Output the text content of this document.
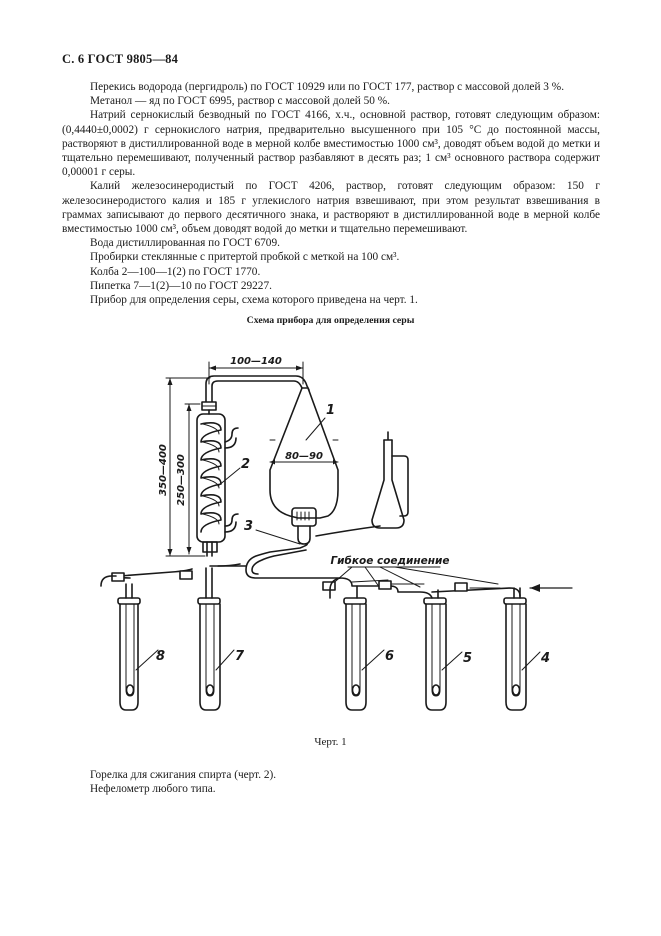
С. 6 ГОСТ 9805—84

Перекись водорода (пергидроль) по ГОСТ 10929 или по ГОСТ 177, раствор с массовой долей 3 %.

Метанол — яд по ГОСТ 6995, раствор с массовой долей 50 %.

Натрий сернокислый безводный по ГОСТ 4166, х.ч., основной раствор, готовят следующим образом: (0,4440±0,0002) г сернокислого натрия, предварительно высушенного при 105 °С до постоянной массы, растворяют в дистиллированной воде в мерной колбе вместимостью 1000 см³, доводят объем водой до метки и тщательно перемешивают, полученный раствор разбавляют в десять раз; 1 см³ основного раствора содержит 0,00001 г серы.

Калий железосинеродистый по ГОСТ 4206, раствор, готовят следующим образом: 150 г железосинеродистого калия и 185 г углекислого натрия взвешивают, при этом результат взвешивания в граммах записывают до первого десятичного знака, и растворяют в дистиллированной воде в мерной колбе вместимостью 1000 см³, объем доводят водой до метки и тщательно перемешивают.

Вода дистиллированная по ГОСТ 6709.

Пробирки стеклянные с притертой пробкой с меткой на 100 см³.

Колба 2—100—1(2) по ГОСТ 1770.

Пипетка 7—1(2)—10 по ГОСТ 29227.

Прибор для определения серы, схема которого приведена на черт. 1.

Схема прибора для определения серы
100—140
350—400 250—300	80—90
1
2
3
Гибкое соединение
8	7	6	5	4
Черт. 1

Горелка для сжигания спирта (черт. 2).

Нефелометр любого типа.
